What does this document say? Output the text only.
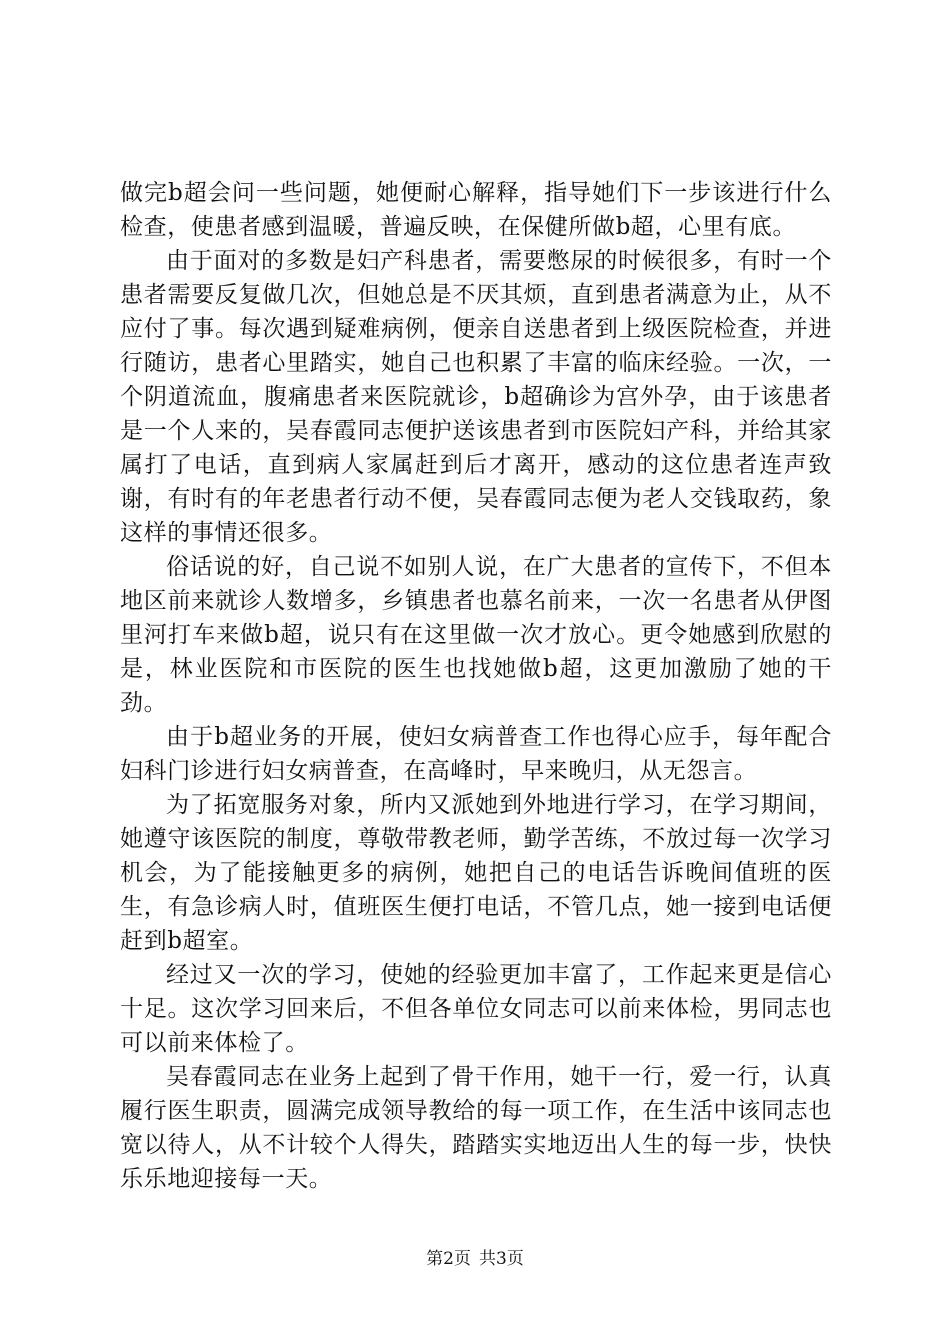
做完b超会问一些问题，她便耐心解释，指导她们下一步该进行什么检查，使患者感到温暖，普遍反映，在保健所做b超，心里有底。

由于面对的多数是妇产科患者，需要憋尿的时候很多，有时一个患者需要反复做几次，但她总是不厌其烦，直到患者满意为止，从不应付了事。每次遇到疑难病例，便亲自送患者到上级医院检查，并进行随访，患者心里踏实，她自己也积累了丰富的临床经验。一次，一个阴道流血，腹痛患者来医院就诊，b超确诊为宫外孕，由于该患者是一个人来的，吴春霞同志便护送该患者到市医院妇产科，并给其家属打了电话，直到病人家属赶到后才离开，感动的这位患者连声致谢，有时有的年老患者行动不便，吴春霞同志便为老人交钱取药，象这样的事情还很多。

俗话说的好，自己说不如别人说，在广大患者的宣传下，不但本地区前来就诊人数增多，乡镇患者也慕名前来，一次一名患者从伊图里河打车来做b超，说只有在这里做一次才放心。更令她感到欣慰的是，林业医院和市医院的医生也找她做b超，这更加激励了她的干劲。

由于b超业务的开展，使妇女病普查工作也得心应手，每年配合妇科门诊进行妇女病普查，在高峰时，早来晚归，从无怨言。

为了拓宽服务对象，所内又派她到外地进行学习，在学习期间，她遵守该医院的制度，尊敬带教老师，勤学苦练，不放过每一次学习机会，为了能接触更多的病例，她把自己的电话告诉晚间值班的医生，有急诊病人时，值班医生便打电话，不管几点，她一接到电话便赶到b超室。

经过又一次的学习，使她的经验更加丰富了，工作起来更是信心十足。这次学习回来后，不但各单位女同志可以前来体检，男同志也可以前来体检了。

吴春霞同志在业务上起到了骨干作用，她干一行，爱一行，认真履行医生职责，圆满完成领导教给的每一项工作，在生活中该同志也宽以待人，从不计较个人得失，踏踏实实地迈出人生的每一步，快快乐乐地迎接每一天。

第2页 共3页
